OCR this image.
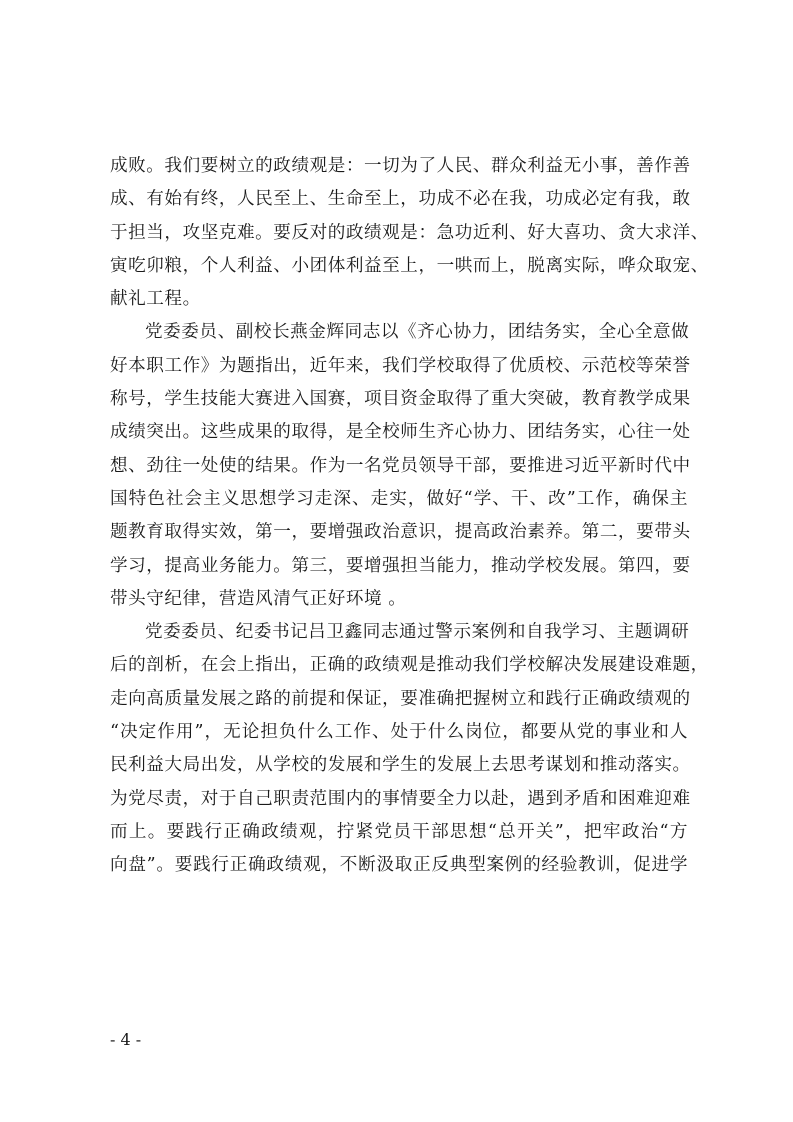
成败。我们要树立的政绩观是：一切为了人民、群众利益无小事，善作善
成、有始有终，人民至上、生命至上，功成不必在我，功成必定有我，敢
于担当，攻坚克难。要反对的政绩观是：急功近利、好大喜功、贪大求洋、
寅吃卯粮，个人利益、小团体利益至上，一哄而上，脱离实际，哗众取宠、
献礼工程。
党委委员、副校长燕金辉同志以《齐心协力，团结务实，全心全意做
好本职工作》为题指出，近年来，我们学校取得了优质校、示范校等荣誉
称号，学生技能大赛进入国赛，项目资金取得了重大突破，教育教学成果
成绩突出。这些成果的取得，是全校师生齐心协力、团结务实，心往一处
想、劲往一处使的结果。作为一名党员领导干部，要推进习近平新时代中
国特色社会主义思想学习走深、走实，做好“学、干、改”工作，确保主
题教育取得实效，第一，要增强政治意识，提高政治素养。第二，要带头
学习，提高业务能力。第三，要增强担当能力，推动学校发展。第四，要
带头守纪律，营造风清气正好环境 。
党委委员、纪委书记吕卫鑫同志通过警示案例和自我学习、主题调研
后的剖析，在会上指出，正确的政绩观是推动我们学校解决发展建设难题，
走向高质量发展之路的前提和保证，要准确把握树立和践行正确政绩观的
“决定作用”，无论担负什么工作、处于什么岗位，都要从党的事业和人
民利益大局出发，从学校的发展和学生的发展上去思考谋划和推动落实。
为党尽责，对于自己职责范围内的事情要全力以赴，遇到矛盾和困难迎难
而上。要践行正确政绩观，拧紧党员干部思想“总开关”，把牢政治“方
向盘”。要践行正确政绩观，不断汲取正反典型案例的经验教训，促进学
- 4 -
